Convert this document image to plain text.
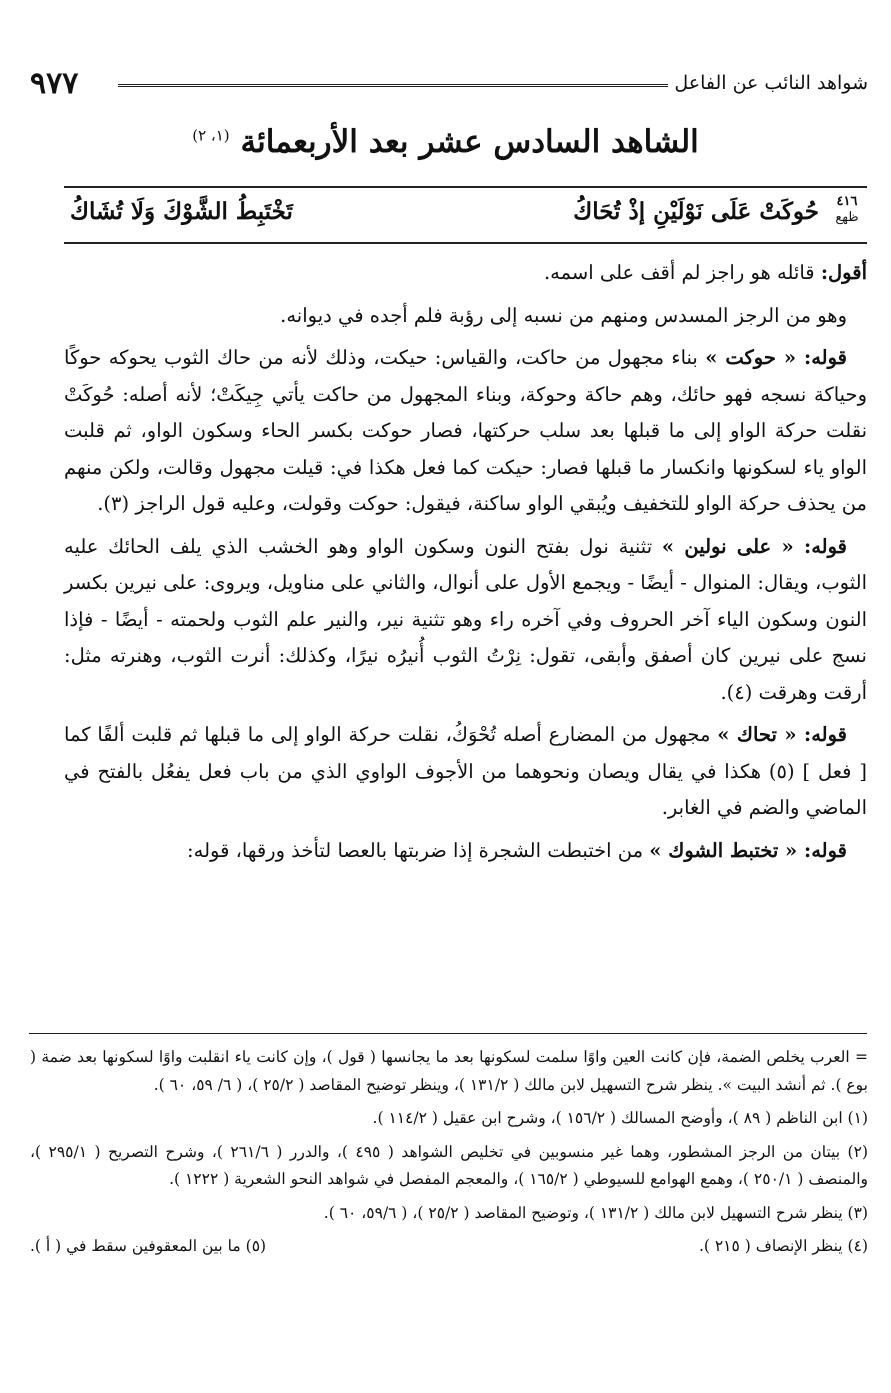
٩٧٧	شواهد النائب عن الفاعل
الشاهد السادس عشر بعد الأربعمائة $^{(١، ٢)}$
٤١٦
ظهع
حُوكَتْ عَلَى نَوْلَيْنِ إذْ تُحَاكُ
تَخْتَبِطُ الشَّوْكَ وَلَا تُشَاكُ

أقول: قائله هو راجز لم أقف على اسمه.

وهو من الرجز المسدس ومنهم من نسبه إلى رؤبة فلم أجده في ديوانه.

قوله: « حوكت » بناء مجهول من حاكت، والقياس: حيكت، وذلك لأنه من حاك الثوب يحوكه حوكًا وحياكة نسجه فهو حائك، وهم حاكة وحوكة، وبناء المجهول من حاكت يأتي جِيكَتْ؛ لأنه أصله: حُوكَتْ نقلت حركة الواو إلى ما قبلها بعد سلب حركتها، فصار حوكت بكسر الحاء وسكون الواو، ثم قلبت الواو ياء لسكونها وانكسار ما قبلها فصار: حيكت كما فعل هكذا في: قيلت مجهول وقالت، ولكن منهم من يحذف حركة الواو للتخفيف ويُبقي الواو ساكنة، فيقول: حوكت وقولت، وعليه قول الراجز (٣).

قوله: « على نولين » تثنية نول بفتح النون وسكون الواو وهو الخشب الذي يلف الحائك عليه الثوب، ويقال: المنوال - أيضًا - ويجمع الأول على أنوال، والثاني على مناويل، ويروى: على نيرين بكسر النون وسكون الياء آخر الحروف وفي آخره راء وهو تثنية نير، والنير علم الثوب ولحمته - أيضًا - فإذا نسج على نيرين كان أصفق وأبقى، تقول: نِرْتُ الثوب أُنيرُه نيرًا، وكذلك: أنرت الثوب، وهنرته مثل: أرقت وهرقت (٤).

قوله: « تحاك » مجهول من المضارع أصله تُحْوَكُ، نقلت حركة الواو إلى ما قبلها ثم قلبت ألفًا كما [ فعل ] (٥) هكذا في يقال ويصان ونحوهما من الأجوف الواوي الذي من باب فعل يفعُل بالفتح في الماضي والضم في الغابر.

قوله: « تختبط الشوك » من اختبطت الشجرة إذا ضربتها بالعصا لتأخذ ورقها، قوله:

= العرب يخلص الضمة، فإن كانت العين واوًا سلمت لسكونها بعد ما يجانسها ( قول )، وإن كانت ياء انقلبت واوًا لسكونها بعد ضمة ( بوع ). ثم أنشد البيت ». ينظر شرح التسهيل لابن مالك ( ١٣١/٢ )، وينظر توضيح المقاصد ( ٢٥/٢ )، ( ٦/ ٥٩، ٦٠ ).

(١) ابن الناظم ( ٨٩ )، وأوضح المسالك ( ١٥٦/٢ )، وشرح ابن عقيل ( ١١٤/٢ ).

(٢) بيتان من الرجز المشطور، وهما غير منسوبين في تخليص الشواهد ( ٤٩٥ )، والدرر ( ٢٦١/٦ )، وشرح التصريح ( ٢٩٥/١ )، والمنصف ( ٢٥٠/١ )، وهمع الهوامع للسيوطي ( ١٦٥/٢ )، والمعجم المفصل في شواهد النحو الشعرية ( ١٢٢٢ ).

(٣) ينظر شرح التسهيل لابن مالك ( ١٣١/٢ )، وتوضيح المقاصد ( ٢٥/٢ )، ( ٥٩/٦، ٦٠ ).

(٤) ينظر الإنصاف ( ٢١٥ ).
(٥) ما بين المعقوفين سقط في ( أ ).
